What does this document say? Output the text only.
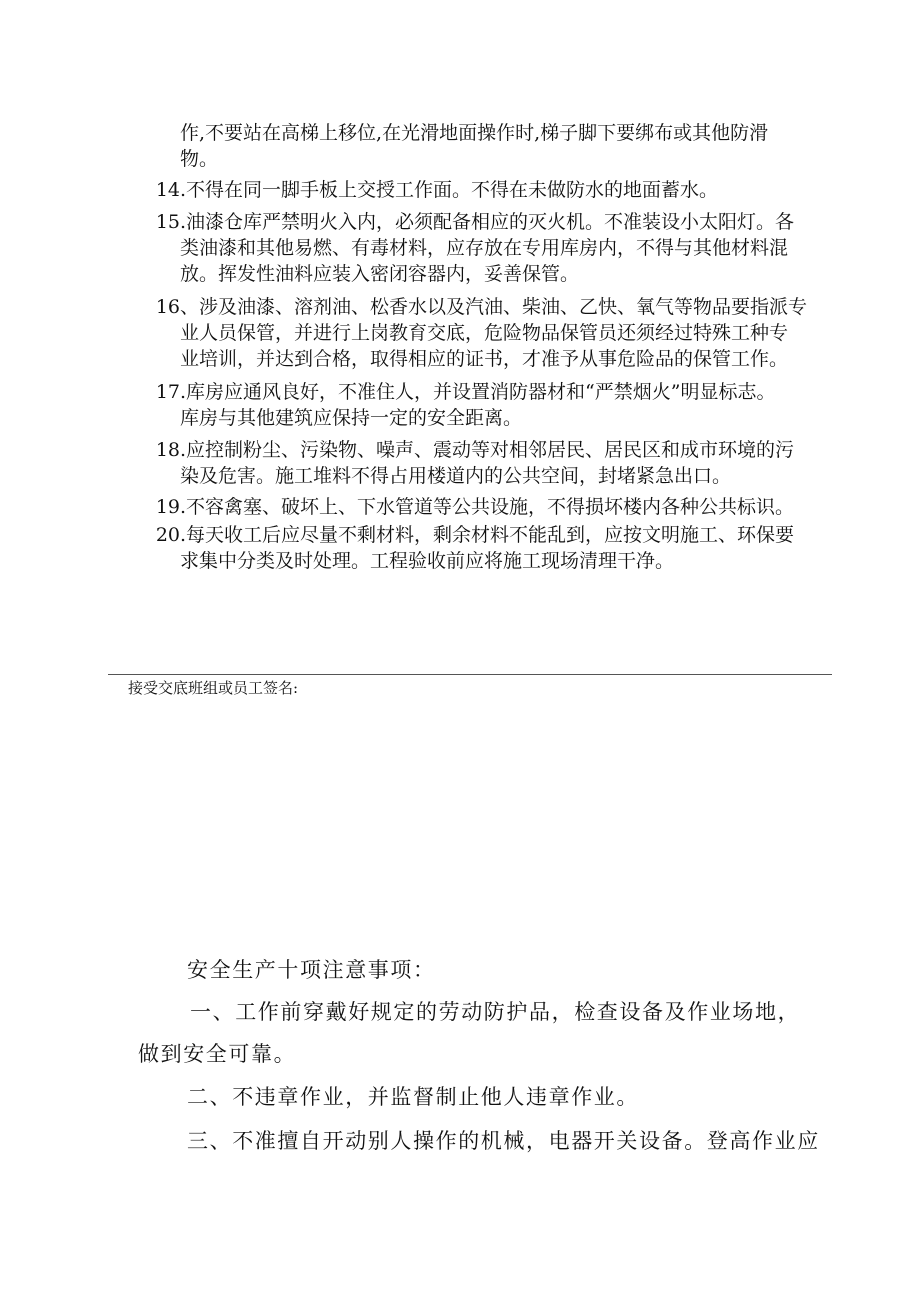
作,不要站在高梯上移位,在光滑地面操作时,梯子脚下要绑布或其他防滑
物。
14.不得在同一脚手板上交授工作面。不得在未做防水的地面蓄水。
15.油漆仓库严禁明火入内，必须配备相应的灭火机。不准装设小太阳灯。各
类油漆和其他易燃、有毒材料，应存放在专用库房内，不得与其他材料混
放。挥发性油料应装入密闭容器内，妥善保管。
16、涉及油漆、溶剂油、松香水以及汽油、柴油、乙快、氧气等物品要指派专
业人员保管，并进行上岗教育交底，危险物品保管员还须经过特殊工种专
业培训，并达到合格，取得相应的证书，才准予从事危险品的保管工作。
17.库房应通风良好，不准住人，并设置消防器材和“严禁烟火”明显标志。
库房与其他建筑应保持一定的安全距离。
18.应控制粉尘、污染物、噪声、震动等对相邻居民、居民区和成市环境的污
染及危害。施工堆料不得占用楼道内的公共空间，封堵紧急出口。
19.不容禽塞、破坏上、下水管道等公共设施，不得损坏楼内各种公共标识。
20.每天收工后应尽量不剩材料，剩余材料不能乱到，应按文明施工、环保要
求集中分类及时处理。工程验收前应将施工现场清理干净。
接受交底班组或员工签名:
安全生产十项注意事项：
一、工作前穿戴好规定的劳动防护品，检查设备及作业场地，
做到安全可靠。
二、不违章作业，并监督制止他人违章作业。
三、不准擅自开动别人操作的机械，电器开关设备。登高作业应
